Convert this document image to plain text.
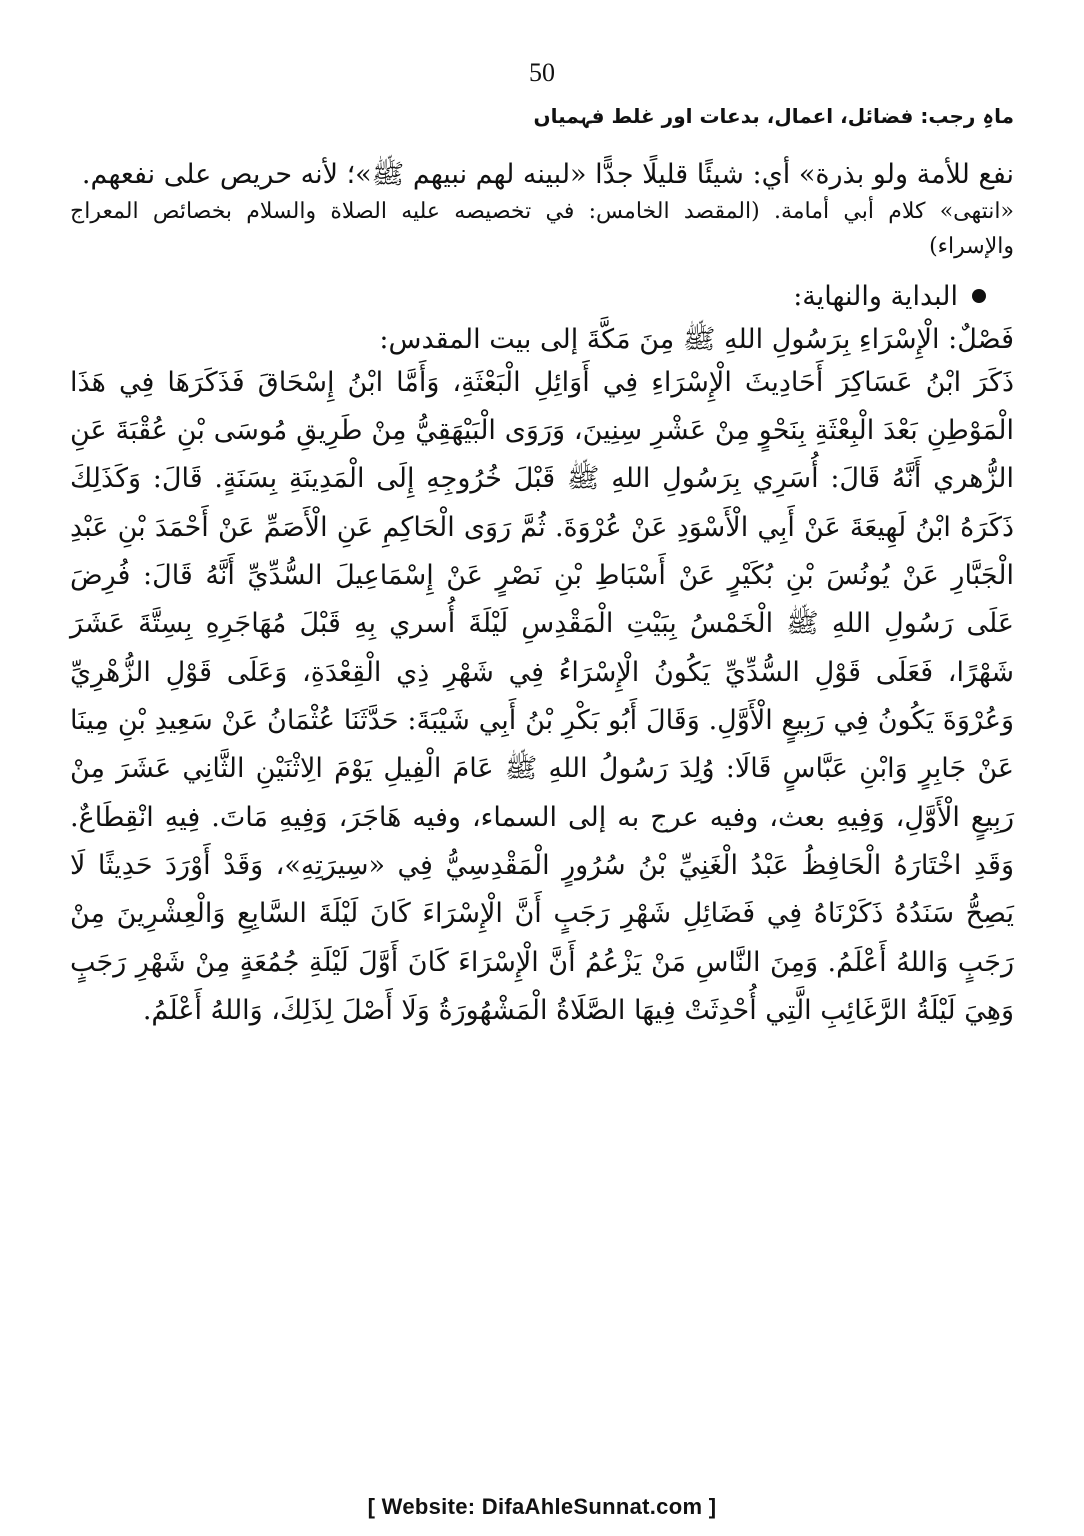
50
ماہِ رجب: فضائل، اعمال، بدعات اور غلط فہمیاں

نفع للأمة ولو بذرة» أي: شيئًا قليلًا جدًّا «لبينه لهم نبيهم ﷺ»؛ لأنه حريص على نفعهم.

«انتهى» كلام أبي أمامة. (المقصد الخامس: في تخصيصه عليه الصلاة والسلام بخصائص المعراج والإسراء)

البداية والنهاية:

فَصْلٌ: الْإِسْرَاءِ بِرَسُولِ اللهِ ﷺ مِنَ مَكَّةَ إلى بيت المقدس:

ذَكَرَ ابْنُ عَسَاكِرَ أَحَادِيثَ الْإِسْرَاءِ فِي أَوَائِلِ الْبَعْثَةِ، وَأَمَّا ابْنُ إِسْحَاقَ فَذَكَرَهَا فِي هَذَا الْمَوْطِنِ بَعْدَ الْبِعْثَةِ بِنَحْوٍ مِنْ عَشْرِ سِنِينَ، وَرَوَى الْبَيْهَقِيُّ مِنْ طَرِيقِ مُوسَى بْنِ عُقْبَةَ عَنِ الزُّهري أَنَّهُ قَالَ: أُسَرِي بِرَسُولِ اللهِ ﷺ قَبْلَ خُرُوجِهِ إِلَى الْمَدِينَةِ بِسَنَةٍ. قَالَ: وَكَذَلِكَ ذَكَرَهُ ابْنُ لَهِيعَةَ عَنْ أَبِي الْأَسْوَدِ عَنْ عُرْوَةَ. ثُمَّ رَوَى الْحَاكِمِ عَنِ الْأَصَمِّ عَنْ أَحْمَدَ بْنِ عَبْدِ الْجَبَّارِ عَنْ يُونُسَ بْنِ بُكَيْرٍ عَنْ أَسْبَاطِ بْنِ نَصْرٍ عَنْ إِسْمَاعِيلَ السُّدِّيِّ أَنَّهُ قَالَ: فُرِضَ عَلَى رَسُولِ اللهِ ﷺ الْخَمْسُ بِبَيْتِ الْمَقْدِسِ لَيْلَةَ أُسري بِهِ قَبْلَ مُهَاجَرِهِ بِسِتَّةَ عَشَرَ شَهْرًا، فَعَلَى قَوْلِ السُّدِّيِّ يَكُونُ الْإِسْرَاءُ فِي شَهْرِ ذِي الْقِعْدَةِ، وَعَلَى قَوْلِ الزُّهْرِيِّ وَعُرْوَةَ يَكُونُ فِي رَبِيعٍ الْأَوَّلِ. وَقَالَ أَبُو بَكْرِ بْنُ أَبِي شَيْبَةَ: حَدَّثَنَا عُثْمَانُ عَنْ سَعِيدِ بْنِ مِينَا عَنْ جَابِرٍ وَابْنِ عَبَّاسٍ قَالَا: وُلِدَ رَسُولُ اللهِ ﷺ عَامَ الْفِيلِ يَوْمَ الِاثْنَيْنِ الثَّانِي عَشَرَ مِنْ رَبِيعٍ الْأَوَّلِ، وَفِيهِ بعث، وفيه عرج به إلى السماء، وفيه هَاجَرَ، وَفِيهِ مَاتَ. فِيهِ انْقِطَاعٌ. وَقَدِ اخْتَارَهُ الْحَافِظُ عَبْدُ الْغَنِيِّ بْنُ سُرُورٍ الْمَقْدِسِيُّ فِي «سِيرَتِهِ»، وَقَدْ أَوْرَدَ حَدِيثًا لَا يَصِحُّ سَنَدُهُ ذَكَرْنَاهُ فِي فَضَائِلِ شَهْرِ رَجَبٍ أَنَّ الْإِسْرَاءَ كَانَ لَيْلَةَ السَّابِعِ وَالْعِشْرِينَ مِنْ رَجَبٍ وَاللهُ أَعْلَمُ. وَمِنَ النَّاسِ مَنْ يَزْعُمُ أَنَّ الْإِسْرَاءَ كَانَ أَوَّلَ لَيْلَةِ جُمُعَةٍ مِنْ شَهْرِ رَجَبٍ وَهِيَ لَيْلَةُ الرَّغَائِبِ الَّتِي أُحْدِثَتْ فِيهَا الصَّلَاةُ الْمَشْهُورَةُ وَلَا أَصْلَ لِذَلِكَ، وَاللهُ أَعْلَمُ.

[ Website: DifaAhleSunnat.com ]
